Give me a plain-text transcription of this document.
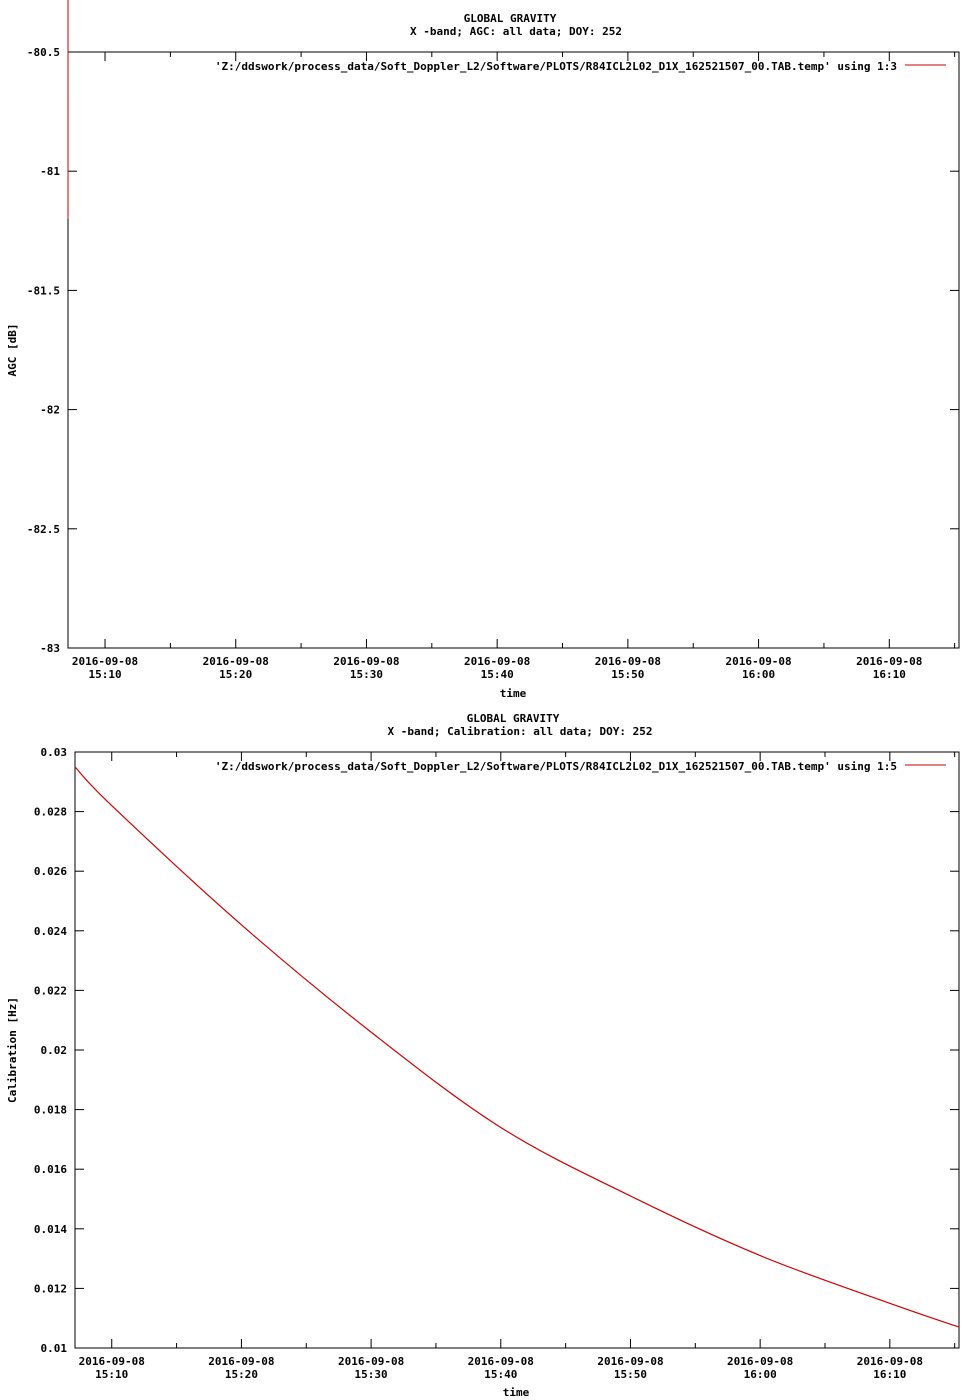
GLOBAL GRAVITY
X -band; AGC: all data; DOY: 252
-80.5
-81
-81.5
-82
-82.5
-83
2016-09-08
15:10
2016-09-08
15:20
2016-09-08
15:30
2016-09-08
15:40
2016-09-08
15:50
2016-09-08
16:00
2016-09-08
16:10
AGC [dB]
time
'Z:/ddswork/process_data/Soft_Doppler_L2/Software/PLOTS/R84ICL2L02_D1X_162521507_00.TAB.temp' using 1:3
GLOBAL GRAVITY
X -band; Calibration: all data; DOY: 252
0.03
0.028
0.026
0.024
0.022
0.02
0.018
0.016
0.014
0.012
0.01
2016-09-08
15:10
2016-09-08
15:20
2016-09-08
15:30
2016-09-08
15:40
2016-09-08
15:50
2016-09-08
16:00
2016-09-08
16:10
Calibration [Hz]
time
'Z:/ddswork/process_data/Soft_Doppler_L2/Software/PLOTS/R84ICL2L02_D1X_162521507_00.TAB.temp' using 1:5
